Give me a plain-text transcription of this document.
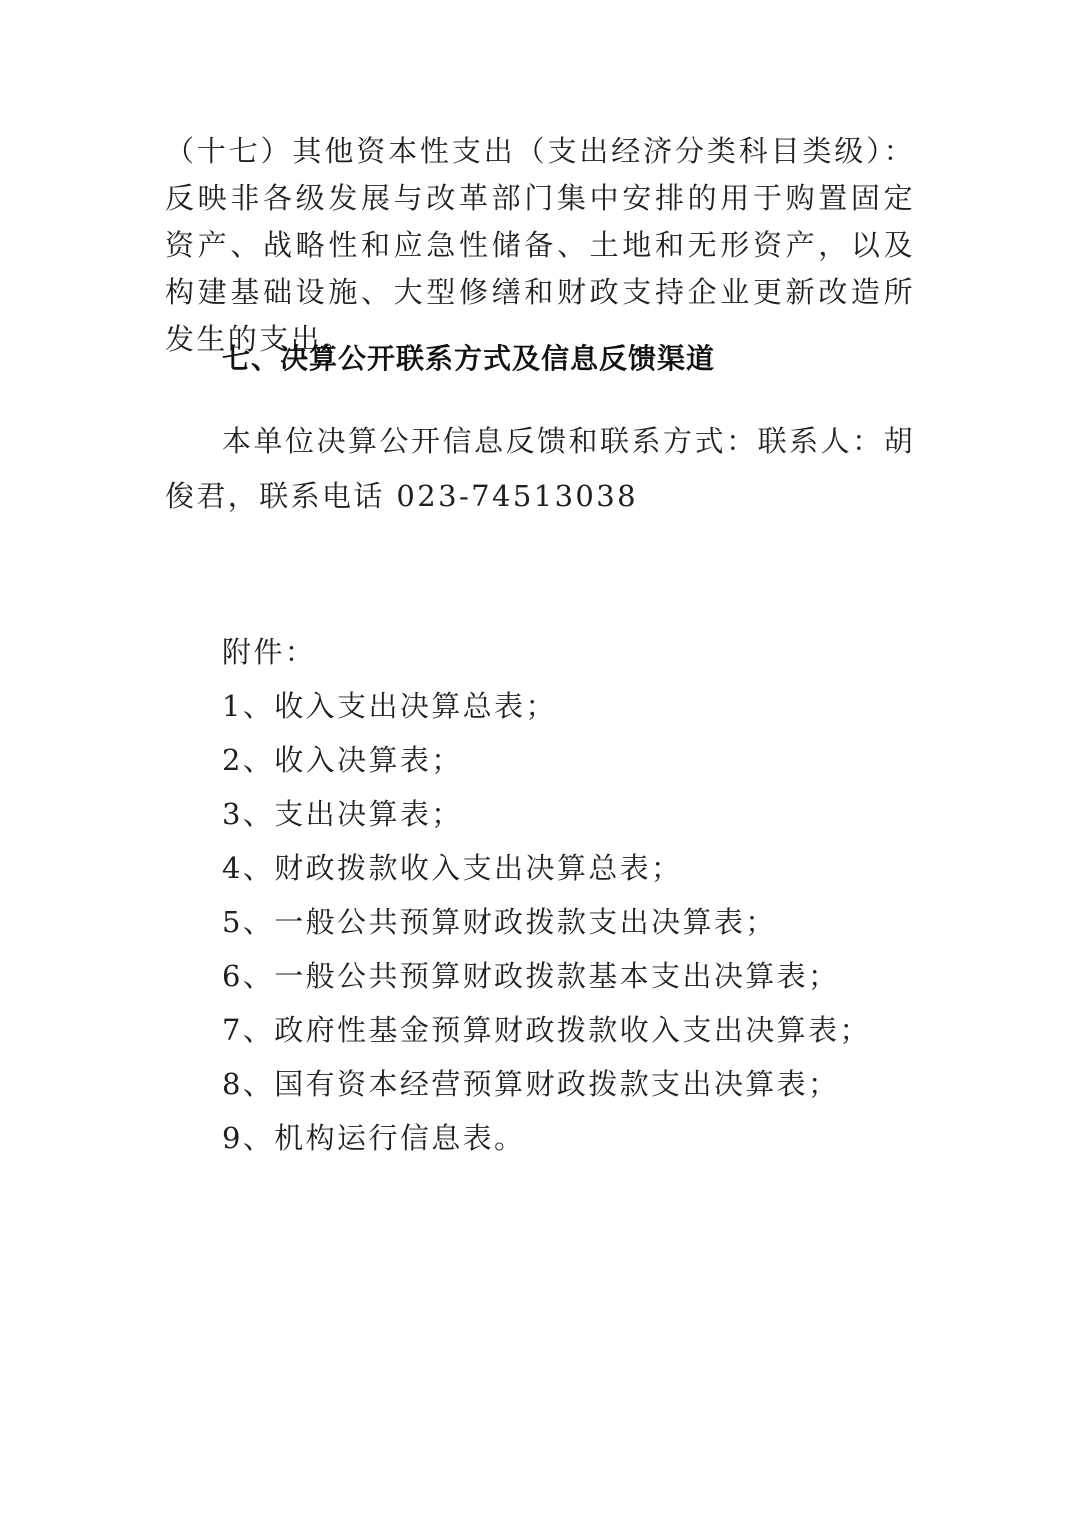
（十七）其他资本性支出（支出经济分类科目类级）：反映非各级发展与改革部门集中安排的用于购置固定资产、战略性和应急性储备、土地和无形资产，以及构建基础设施、大型修缮和财政支持企业更新改造所发生的支出。

七、决算公开联系方式及信息反馈渠道

本单位决算公开信息反馈和联系方式：联系人：胡俊君，联系电话 023-74513038

附件：
1、收入支出决算总表；
2、收入决算表；
3、支出决算表；
4、财政拨款收入支出决算总表；
5、一般公共预算财政拨款支出决算表；
6、一般公共预算财政拨款基本支出决算表；
7、政府性基金预算财政拨款收入支出决算表；
8、国有资本经营预算财政拨款支出决算表；
9、机构运行信息表。
